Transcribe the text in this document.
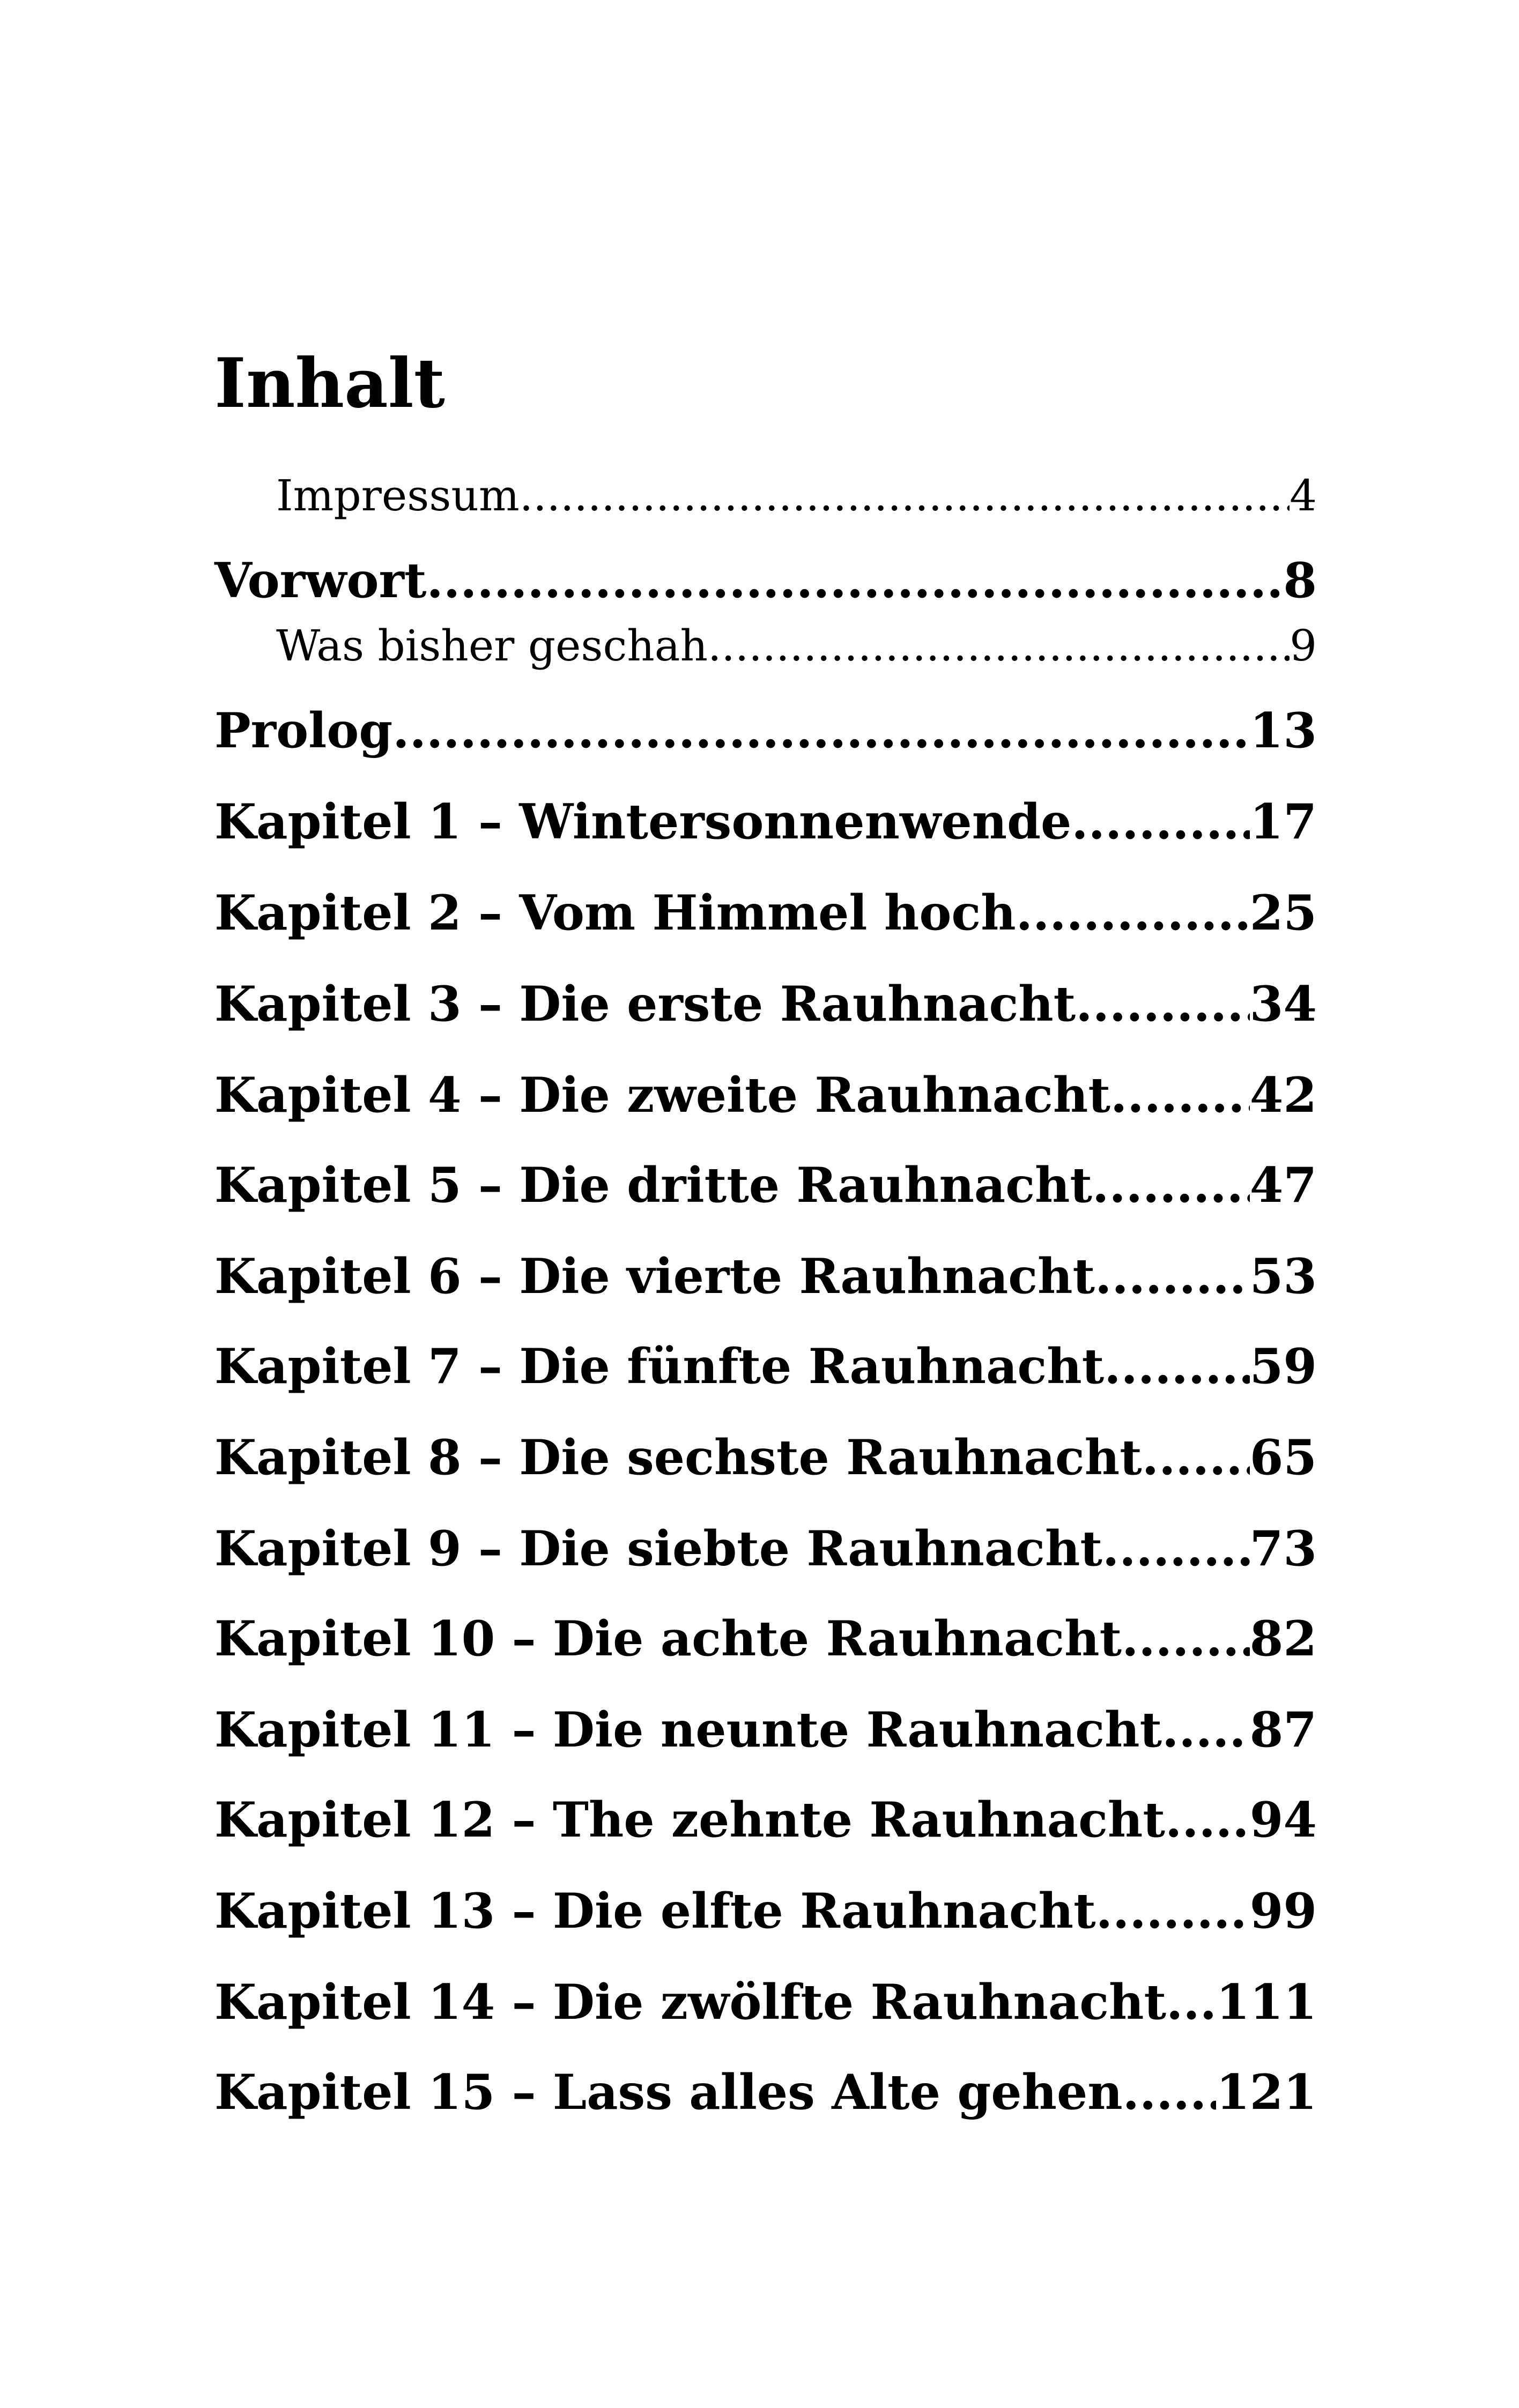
Inhalt
Impressum .....	4
Vorwort .....	8
Was bisher geschah .....	9
Prolog .....	13
Kapitel 1 – Wintersonnenwende .....	17
Kapitel 2 – Vom Himmel hoch .....	25
Kapitel 3 – Die erste Rauhnacht .....	34
Kapitel 4 – Die zweite Rauhnacht .....	42
Kapitel 5 – Die dritte Rauhnacht .....	47
Kapitel 6 – Die vierte Rauhnacht .....	53
Kapitel 7 – Die fünfte Rauhnacht .....	59
Kapitel 8 – Die sechste Rauhnacht ..... 65
Kapitel 9 – Die siebte Rauhnacht .....	73
Kapitel 10 – Die achte Rauhnacht .....	82
Kapitel 11 – Die neunte Rauhnacht ..... 87
Kapitel 12 – The zehnte Rauhnacht ..... 94
Kapitel 13 – Die elfte Rauhnacht .....	99
Kapitel 14 – Die zwölfte Rauhnacht ..... 111
Kapitel 15 – Lass alles Alte gehen ..... 121
